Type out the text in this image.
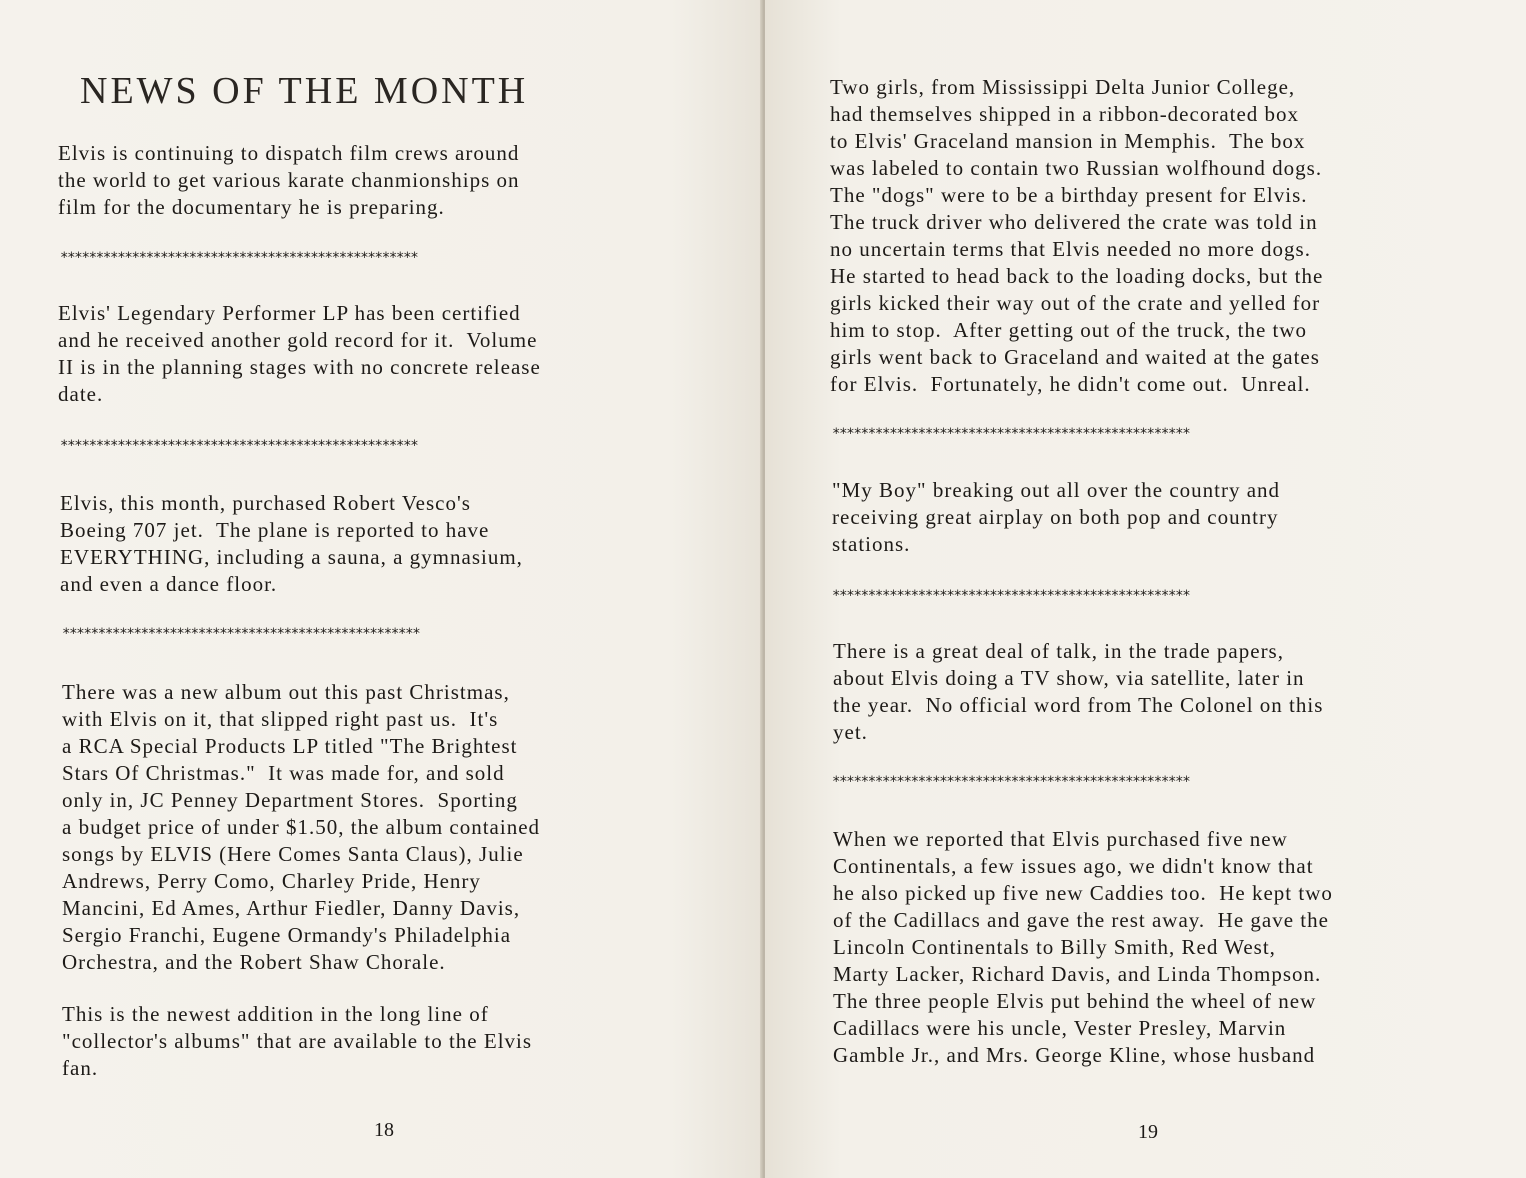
NEWS OF THE MONTH

Elvis is continuing to dispatch film crews around
the world to get various karate chanmionships on
film for the documentary he is preparing.

**************************************************

Elvis' Legendary Performer LP has been certified
and he received another gold record for it.  Volume
II is in the planning stages with no concrete release
date.

**************************************************

Elvis, this month, purchased Robert Vesco's
Boeing 707 jet.  The plane is reported to have
EVERYTHING, including a sauna, a gymnasium,
and even a dance floor.

**************************************************

There was a new album out this past Christmas,
with Elvis on it, that slipped right past us.  It's
a RCA Special Products LP titled "The Brightest
Stars Of Christmas."  It was made for, and sold
only in, JC Penney Department Stores.  Sporting
a budget price of under $1.50, the album contained
songs by ELVIS (Here Comes Santa Claus), Julie
Andrews, Perry Como, Charley Pride, Henry
Mancini, Ed Ames, Arthur Fiedler, Danny Davis,
Sergio Franchi, Eugene Ormandy's Philadelphia
Orchestra, and the Robert Shaw Chorale.

This is the newest addition in the long line of
"collector's albums" that are available to the Elvis
fan.

18

Two girls, from Mississippi Delta Junior College,
had themselves shipped in a ribbon-decorated box
to Elvis' Graceland mansion in Memphis.  The box
was labeled to contain two Russian wolfhound dogs.
The "dogs" were to be a birthday present for Elvis.
The truck driver who delivered the crate was told in
no uncertain terms that Elvis needed no more dogs.
He started to head back to the loading docks, but the
girls kicked their way out of the crate and yelled for
him to stop.  After getting out of the truck, the two
girls went back to Graceland and waited at the gates
for Elvis.  Fortunately, he didn't come out.  Unreal.

**************************************************

"My Boy" breaking out all over the country and
receiving great airplay on both pop and country
stations.

**************************************************

There is a great deal of talk, in the trade papers,
about Elvis doing a TV show, via satellite, later in
the year.  No official word from The Colonel on this
yet.

**************************************************

When we reported that Elvis purchased five new
Continentals, a few issues ago, we didn't know that
he also picked up five new Caddies too.  He kept two
of the Cadillacs and gave the rest away.  He gave the
Lincoln Continentals to Billy Smith, Red West,
Marty Lacker, Richard Davis, and Linda Thompson.
The three people Elvis put behind the wheel of new
Cadillacs were his uncle, Vester Presley, Marvin
Gamble Jr., and Mrs. George Kline, whose husband

19
